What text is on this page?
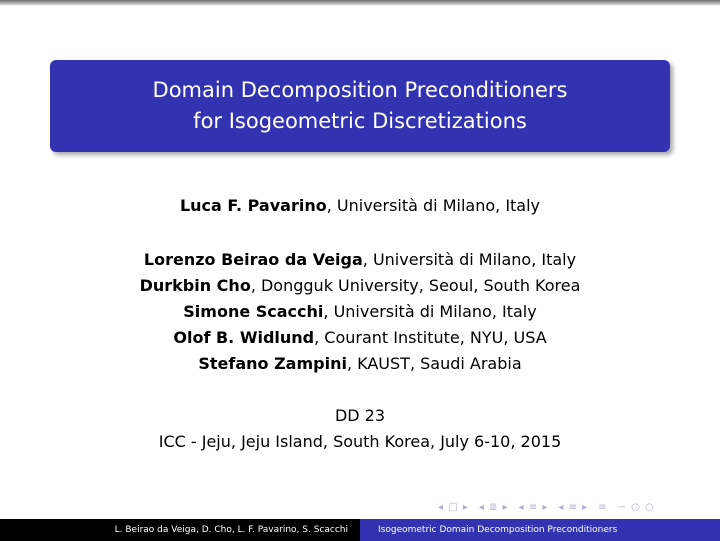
Domain Decomposition Preconditioners
for Isogeometric Discretizations
Luca F. Pavarino, Università di Milano, Italy
Lorenzo Beirao da Veiga, Università di Milano, Italy
Durkbin Cho, Dongguk University, Seoul, South Korea
Simone Scacchi, Università di Milano, Italy
Olof B. Widlund, Courant Institute, NYU, USA
Stefano Zampini, KAUST, Saudi Arabia
DD 23
ICC - Jeju, Jeju Island, South Korea, July 6-10, 2015
◂ □ ▸ ◂ ≣ ▸ ◂ ≡ ▸ ◂ ≡ ▸ ≡ ∽ ○ ○
L. Beirao da Veiga, D. Cho, L. F. Pavarino, S. Scacchi	Isogeometric Domain Decomposition Preconditioners
